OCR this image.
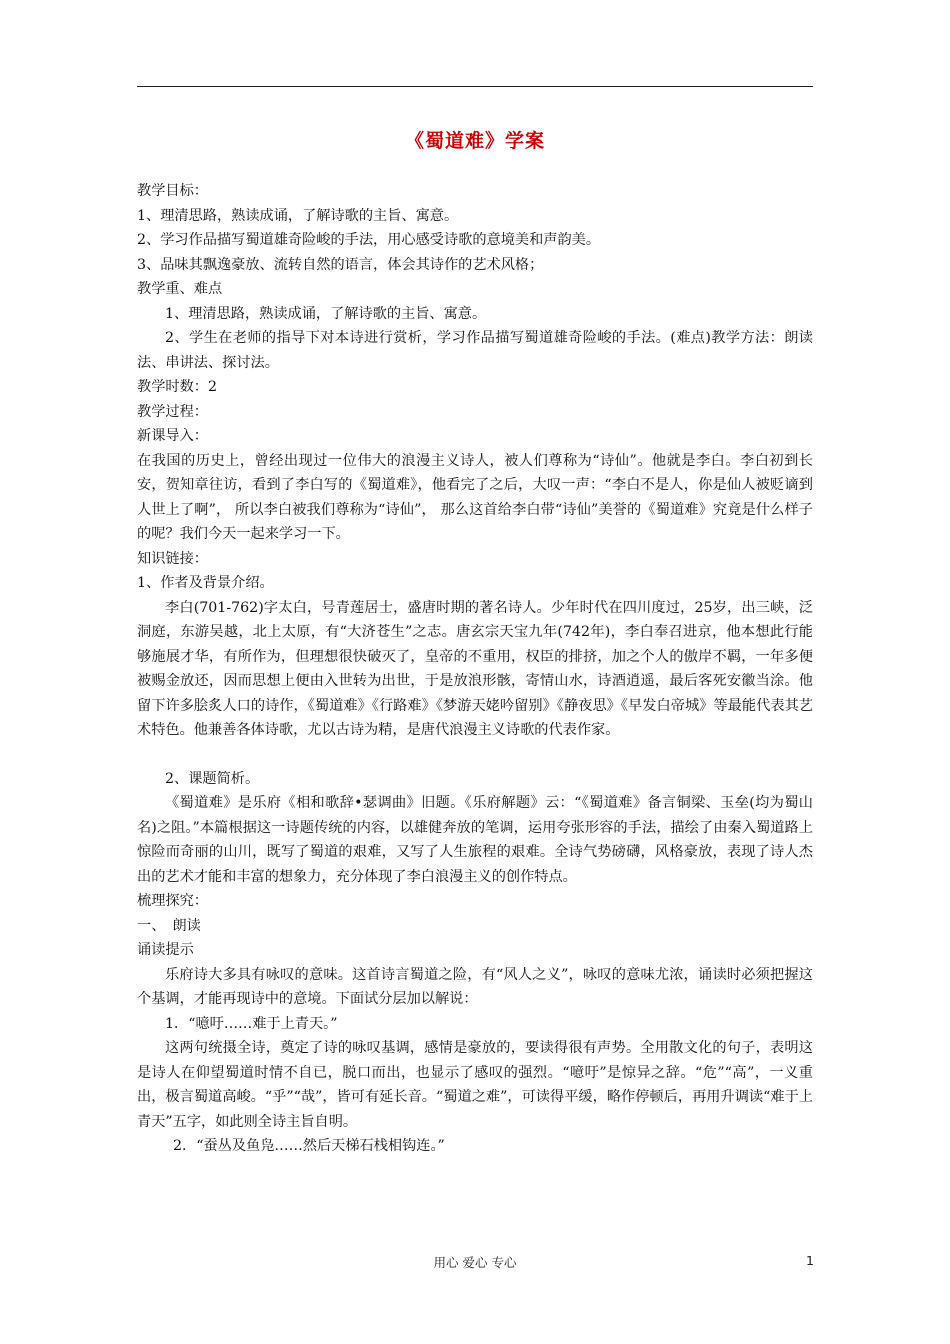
《蜀道难》学案

教学目标：

1、理清思路，熟读成诵，了解诗歌的主旨、寓意。

2、学习作品描写蜀道雄奇险峻的手法，用心感受诗歌的意境美和声韵美。

3、品味其飘逸豪放、流转自然的语言，体会其诗作的艺术风格；

教学重、难点

1、理清思路，熟读成诵，了解诗歌的主旨、寓意。

2、学生在老师的指导下对本诗进行赏析，学习作品描写蜀道雄奇险峻的手法。(难点)教学方法：朗读法、串讲法、探讨法。

教学时数：2

教学过程：

新课导入：

在我国的历史上，曾经出现过一位伟大的浪漫主义诗人，被人们尊称为“诗仙”。他就是李白。李白初到长安，贺知章往访，看到了李白写的《蜀道难》，他看完了之后，大叹一声：“李白不是人，你是仙人被贬谪到人世上了啊”， 所以李白被我们尊称为“诗仙”， 那么这首给李白带“诗仙”美誉的《蜀道难》究竟是什么样子的呢？我们今天一起来学习一下。

知识链接：

1、作者及背景介绍。

李白(701-762)字太白，号青莲居士，盛唐时期的著名诗人。少年时代在四川度过，25岁，出三峡，泛洞庭，东游吴越，北上太原，有“大济苍生”之志。唐玄宗天宝九年(742年)，李白奉召进京，他本想此行能够施展才华，有所作为，但理想很快破灭了，皇帝的不重用，权臣的排挤，加之个人的傲岸不羁，一年多便被赐金放还，因而思想上便由入世转为出世，于是放浪形骸，寄情山水，诗酒逍遥，最后客死安徽当涂。他留下许多脍炙人口的诗作，《蜀道难》《行路难》《梦游天姥吟留别》《静夜思》《早发白帝城》等最能代表其艺术特色。他兼善各体诗歌，尤以古诗为精，是唐代浪漫主义诗歌的代表作家。

2、课题简析。

《蜀道难》是乐府《相和歌辞•瑟调曲》旧题。《乐府解题》云：“《蜀道难》备言铜梁、玉垒(均为蜀山名)之阻。”本篇根据这一诗题传统的内容，以雄健奔放的笔调，运用夸张形容的手法，描绘了由秦入蜀道路上惊险而奇丽的山川，既写了蜀道的艰难，又写了人生旅程的艰难。全诗气势磅礴，风格豪放，表现了诗人杰出的艺术才能和丰富的想象力，充分体现了李白浪漫主义的创作特点。

梳理探究：

一、　朗读

诵读提示

乐府诗大多具有咏叹的意味。这首诗言蜀道之险，有“风人之义”，咏叹的意味尤浓，诵读时必须把握这个基调，才能再现诗中的意境。下面试分层加以解说：

1．“噫吁……难于上青天。”

这两句统摄全诗，奠定了诗的咏叹基调，感情是豪放的，要读得很有声势。全用散文化的句子，表明这是诗人在仰望蜀道时情不自已，脱口而出，也显示了感叹的强烈。“噫吁”是惊异之辞。“危”“高”，一义重出，极言蜀道高峻。“乎”“哉”，皆可有延长音。“蜀道之难”，可读得平缓，略作停顿后，再用升调读“难于上青天”五字，如此则全诗主旨自明。

2．“蚕丛及鱼凫……然后天梯石栈相钩连。”

用心 爱心 专心	1
